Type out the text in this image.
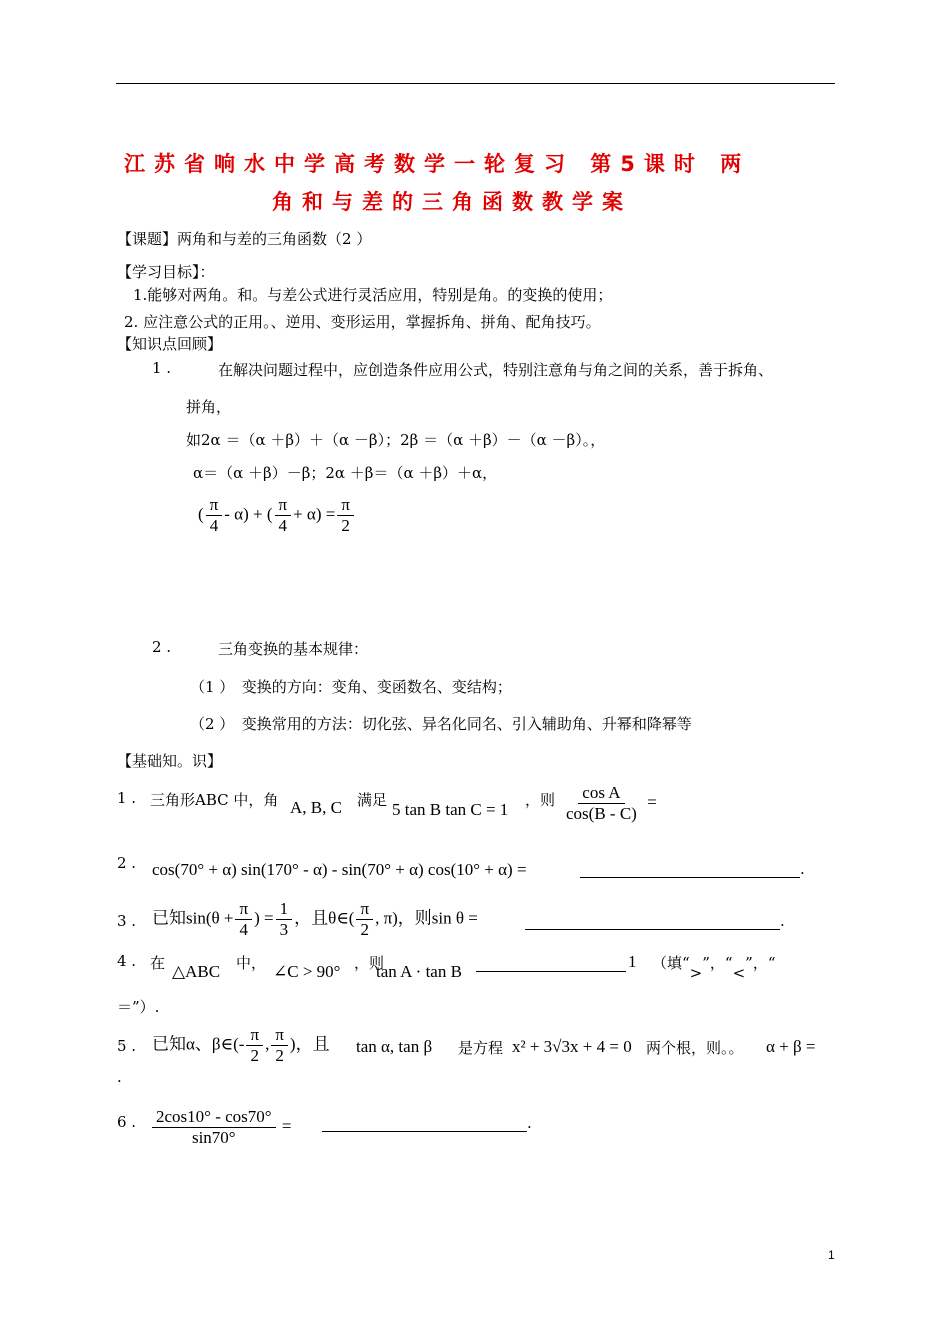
江苏省响水中学高考数学一轮复习 第5课时 两
角和与差的三角函数教学案
【课题】两角和与差的三角函数（2 ）
【学习目标】：
1.能够对两角。和。与差公式进行灵活应用，特别是角。的变换的使用；
2. 应注意公式的正用。、逆用、变形运用，掌握拆角、拼角、配角技巧。
【知识点回顾】
1 .	在解决问题过程中，应创造条件应用公式，特别注意角与角之间的关系，善于拆角、
拼角，
如2α ＝（α ＋β）＋（α －β）；2β ＝（α ＋β）－（α －β）。，
α＝（α ＋β）－β；2α ＋β＝（α ＋β）＋α，
( $\frac{\pi}{4} - \alpha$) + ( $\frac{\pi}{4} + \alpha) = \frac{\pi}{2}$
2 .	三角变换的基本规律：
（1 ）　变换的方向：变角、变函数名、变结构；
（2 ）　变换常用的方法：切化弦、异名化同名、引入辅助角、升幂和降幂等
【基础知。识】
1 . 三角形ABC 中，角 A, B, C 满足 5 tan B tan C = 1 ，则 $\frac{\text{cos A}}{\cos(B - C)}$ =
2 . cos(70° + α) sin(170° - α) - sin(70° + α) cos(10° + α) =	.
3 . 已知$\sin(\theta + \frac{\pi}{4}$ ) = $\frac{1}{3}$ ，且θ∈( $\frac{\pi}{2}$ , π)，则sin θ =	.
4 . 在 △ABC 中， ∠C > 90° ，则
tan A · tan B
1 （填“>”，“<”，“
＝”）.
5 . 已知α、β∈(- $\frac{\pi}{2}$ , $\frac{\pi}{2}$ )，且 tan α, tan β 是方程 x² + 3√3x + 4 = 0 两个根，则。。 α + β =
.
6 . $\frac{2\cos 10^\circ - \cos 70^\circ}{\sin 70^\circ}$ =	.
1
